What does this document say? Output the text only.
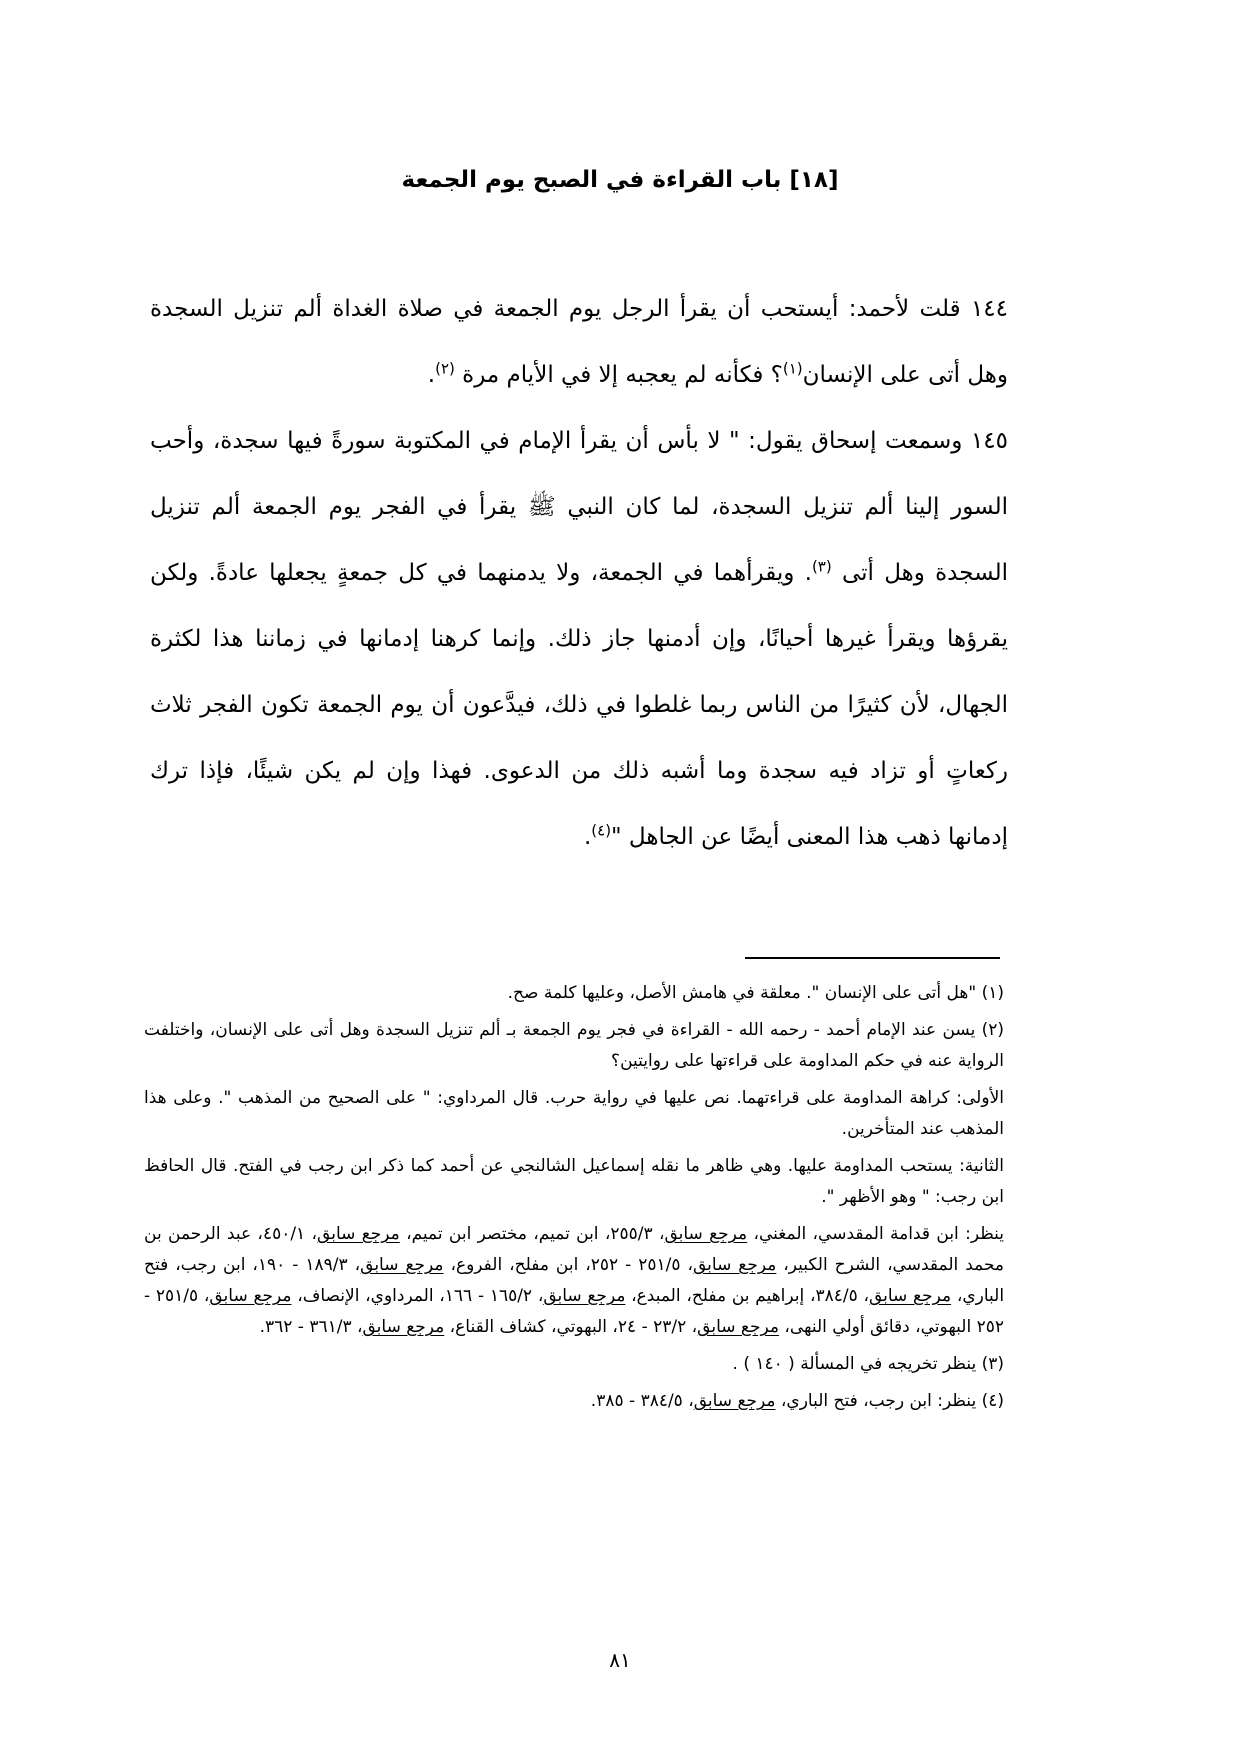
[١٨] باب القراءة في الصبح يوم الجمعة

١٤٤ قلت لأحمد: أيستحب أن يقرأ الرجل يوم الجمعة في صلاة الغداة ألم تنزيل السجدة وهل أتى على الإنسان$^{(١)}$؟ فكأنه لم يعجبه إلا في الأيام مرة $^{(٢)}$.

١٤٥ وسمعت إسحاق يقول: " لا بأس أن يقرأ الإمام في المكتوبة سورةً فيها سجدة، وأحب السور إلينا ألم تنزيل السجدة، لما كان النبي ﷺ يقرأ في الفجر يوم الجمعة ألم تنزيل السجدة وهل أتى $^{(٣)}$. ويقرأهما في الجمعة، ولا يدمنهما في كل جمعةٍ يجعلها عادةً. ولكن يقرؤها ويقرأ غيرها أحيانًا، وإن أدمنها جاز ذلك. وإنما كرهنا إدمانها في زماننا هذا لكثرة الجهال، لأن كثيرًا من الناس ربما غلطوا في ذلك، فيدَّعون أن يوم الجمعة تكون الفجر ثلاث ركعاتٍ أو تزاد فيه سجدة وما أشبه ذلك من الدعوى. فهذا وإن لم يكن شيئًا، فإذا ترك إدمانها ذهب هذا المعنى أيضًا عن الجاهل "$^{(٤)}$.

(١) "هل أتى على الإنسان ". معلقة في هامش الأصل، وعليها كلمة صح.

(٢) يسن عند الإمام أحمد - رحمه الله - القراءة في فجر يوم الجمعة بـ ألم تنزيل السجدة وهل أتى على الإنسان، واختلفت الرواية عنه في حكم المداومة على قراءتها على روايتين؟

الأولى: كراهة المداومة على قراءتهما. نص عليها في رواية حرب. قال المرداوي: " على الصحيح من المذهب ". وعلى هذا المذهب عند المتأخرين.

الثانية: يستحب المداومة عليها. وهي ظاهر ما نقله إسماعيل الشالنجي عن أحمد كما ذكر ابن رجب في الفتح. قال الحافظ ابن رجب: " وهو الأظهر ".

ينظر: ابن قدامة المقدسي، المغني، مرجع سابق، ٢٥٥/٣، ابن تميم، مختصر ابن تميم، مرجع سابق، ٤٥٠/١، عبد الرحمن بن محمد المقدسي، الشرح الكبير، مرجع سابق، ٢٥١/٥ - ٢٥٢، ابن مفلح، الفروع، مرجع سابق، ١٨٩/٣ - ١٩٠، ابن رجب، فتح الباري، مرجع سابق، ٣٨٤/٥، إبراهيم بن مفلح، المبدع، مرجع سابق، ١٦٥/٢ - ١٦٦، المرداوي، الإنصاف، مرجع سابق، ٢٥١/٥ - ٢٥٢ البهوتي، دقائق أولي النهى، مرجع سابق، ٢٣/٢ - ٢٤، البهوتي، كشاف القناع، مرجع سابق، ٣٦١/٣ - ٣٦٢.

(٣) ينظر تخريجه في المسألة ( ١٤٠ ) .

(٤) ينظر: ابن رجب، فتح الباري، مرجع سابق، ٣٨٤/٥ - ٣٨٥.

٨١
